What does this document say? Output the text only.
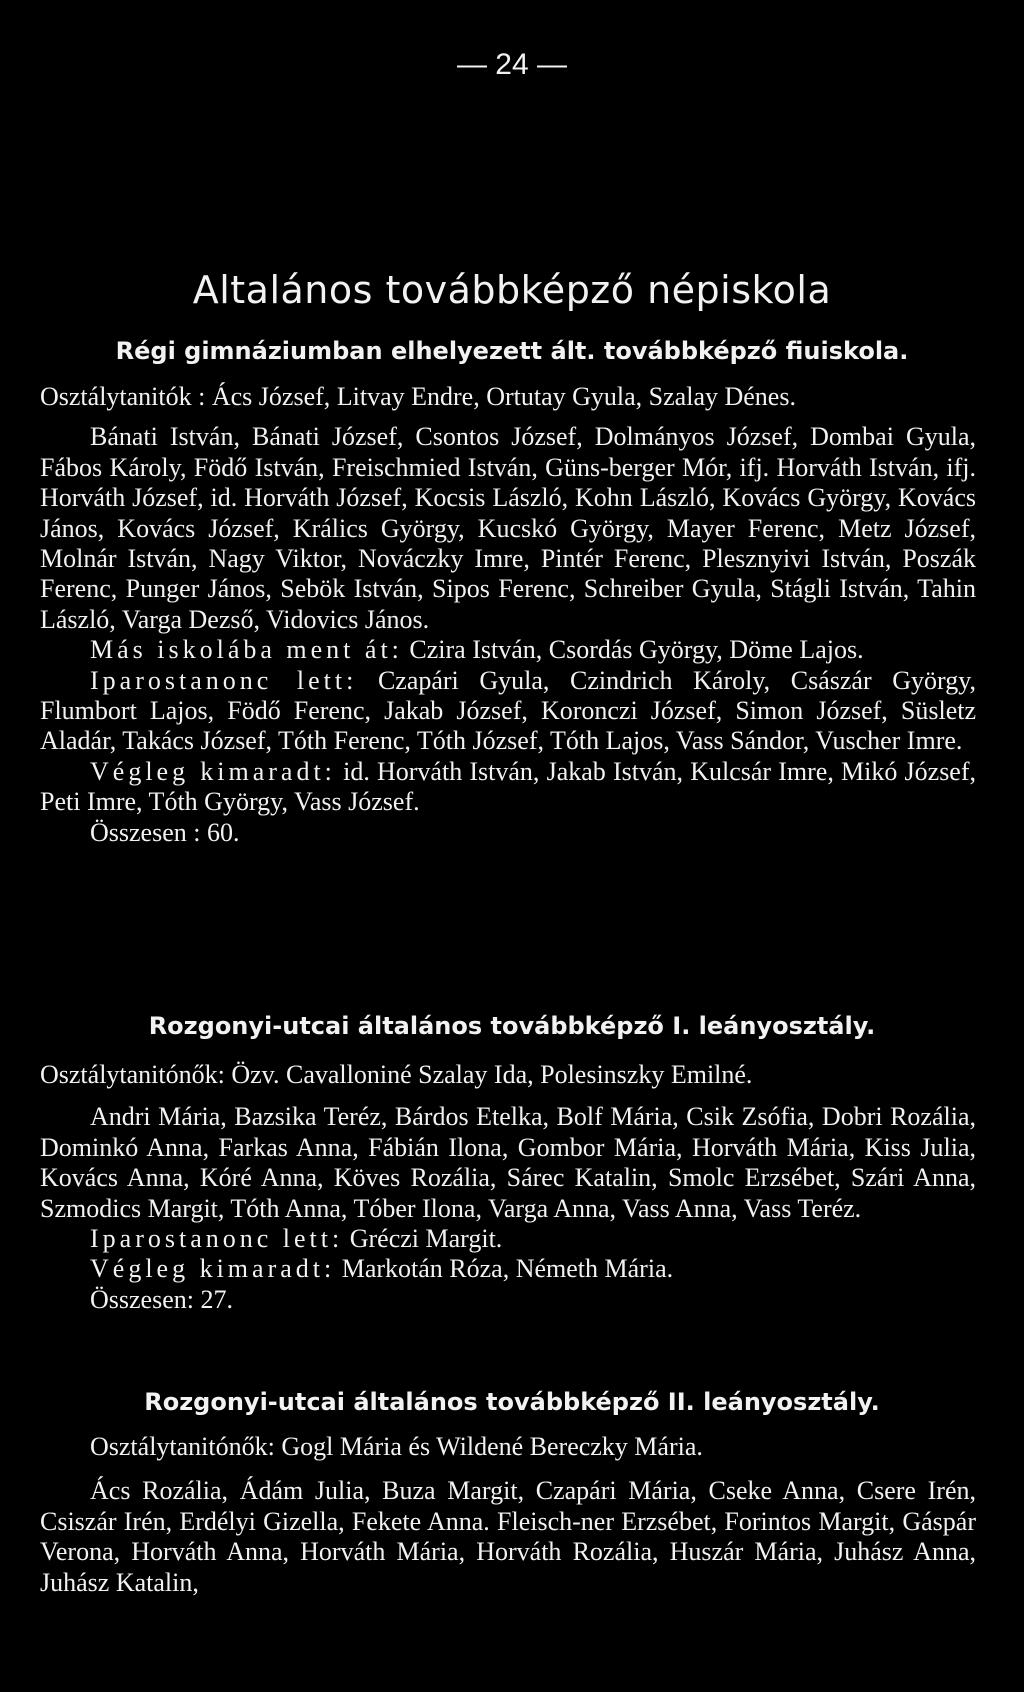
— 24 —
Altalános továbbképző népiskola
Régi gimnáziumban elhelyezett ált. továbbképző fiuiskola.

Osztálytanitók : Ács József, Litvay Endre, Ortutay Gyula, Szalay Dénes.

Bánati István, Bánati József, Csontos József, Dolmányos József, Dombai Gyula, Fábos Károly, Födő István, Freischmied István, Güns-berger Mór, ifj. Horváth István, ifj. Horváth József, id. Horváth József, Kocsis László, Kohn László, Kovács György, Kovács János, Kovács József, Králics György, Kucskó György, Mayer Ferenc, Metz József, Molnár István, Nagy Viktor, Nováczky Imre, Pintér Ferenc, Plesznyivi István, Poszák Ferenc, Punger János, Sebök István, Sipos Ferenc, Schreiber Gyula, Stágli István, Tahin László, Varga Dezső, Vidovics János.

Más iskolába ment át: Czira István, Csordás György, Döme Lajos.

Iparostanonc lett: Czapári Gyula, Czindrich Károly, Császár György, Flumbort Lajos, Födő Ferenc, Jakab József, Koronczi József, Simon József, Süsletz Aladár, Takács József, Tóth Ferenc, Tóth József, Tóth Lajos, Vass Sándor, Vuscher Imre.

Végleg kimaradt: id. Horváth István, Jakab István, Kulcsár Imre, Mikó József, Peti Imre, Tóth György, Vass József.

Összesen : 60.

Rozgonyi-utcai általános továbbképző I. leányosztály.

Osztálytanitónők: Özv. Cavalloniné Szalay Ida, Polesinszky Emilné.

Andri Mária, Bazsika Teréz, Bárdos Etelka, Bolf Mária, Csik Zsófia, Dobri Rozália, Dominkó Anna, Farkas Anna, Fábián Ilona, Gombor Mária, Horváth Mária, Kiss Julia, Kovács Anna, Kóré Anna, Köves Rozália, Sárec Katalin, Smolc Erzsébet, Szári Anna, Szmodics Margit, Tóth Anna, Tóber Ilona, Varga Anna, Vass Anna, Vass Teréz.

Iparostanonc lett: Gréczi Margit.

Végleg kimaradt: Markotán Róza, Németh Mária.

Összesen: 27.

Rozgonyi-utcai általános továbbképző II. leányosztály.

Osztálytanitónők: Gogl Mária és Wildené Bereczky Mária.

Ács Rozália, Ádám Julia, Buza Margit, Czapári Mária, Cseke Anna, Csere Irén, Csiszár Irén, Erdélyi Gizella, Fekete Anna. Fleisch-ner Erzsébet, Forintos Margit, Gáspár Verona, Horváth Anna, Horváth Mária, Horváth Rozália, Huszár Mária, Juhász Anna, Juhász Katalin,
